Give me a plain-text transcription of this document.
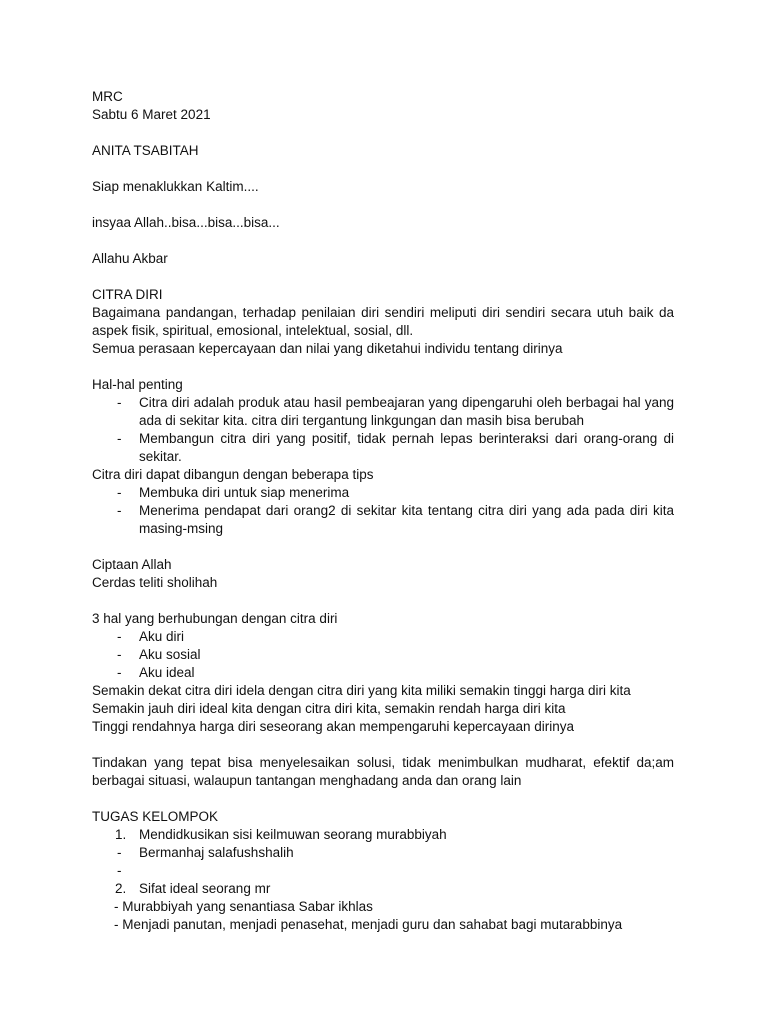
MRC

Sabtu 6 Maret 2021

ANITA TSABITAH

Siap menaklukkan Kaltim....

insyaa Allah..bisa...bisa...bisa...

Allahu Akbar

CITRA DIRI

Bagaimana pandangan, terhadap penilaian diri sendiri meliputi diri sendiri secara utuh baik da aspek fisik, spiritual, emosional, intelektual, sosial, dll.

Semua perasaan kepercayaan dan nilai yang diketahui individu tentang dirinya

Hal-hal penting

- Citra diri adalah produk atau hasil pembeajaran yang dipengaruhi oleh berbagai hal yang ada di sekitar kita. citra diri tergantung linkgungan dan masih bisa berubah
- Membangun citra diri yang positif, tidak pernah lepas berinteraksi dari orang-orang di sekitar.

Citra diri dapat dibangun dengan beberapa tips

- Membuka diri untuk siap menerima
- Menerima pendapat dari orang2 di sekitar kita tentang citra diri yang ada pada diri kita masing-msing

Ciptaan Allah

Cerdas teliti sholihah

3 hal yang berhubungan dengan citra diri

- Aku diri
- Aku sosial
- Aku ideal

Semakin dekat citra diri idela dengan citra diri yang kita miliki semakin tinggi harga diri kita

Semakin jauh diri ideal kita dengan citra diri kita, semakin rendah harga diri kita

Tinggi rendahnya harga diri seseorang akan mempengaruhi kepercayaan dirinya

Tindakan yang tepat bisa menyelesaikan solusi, tidak menimbulkan mudharat, efektif da;am berbagai situasi, walaupun tantangan menghadang anda dan orang lain

TUGAS KELOMPOK

1. Mendidkusikan sisi keilmuwan seorang murabbiyah
- Bermanhaj salafushshalih
-

2. Sifat ideal seorang mr

- Murabbiyah yang senantiasa Sabar ikhlas

- Menjadi panutan, menjadi penasehat, menjadi guru dan sahabat bagi mutarabbinya
